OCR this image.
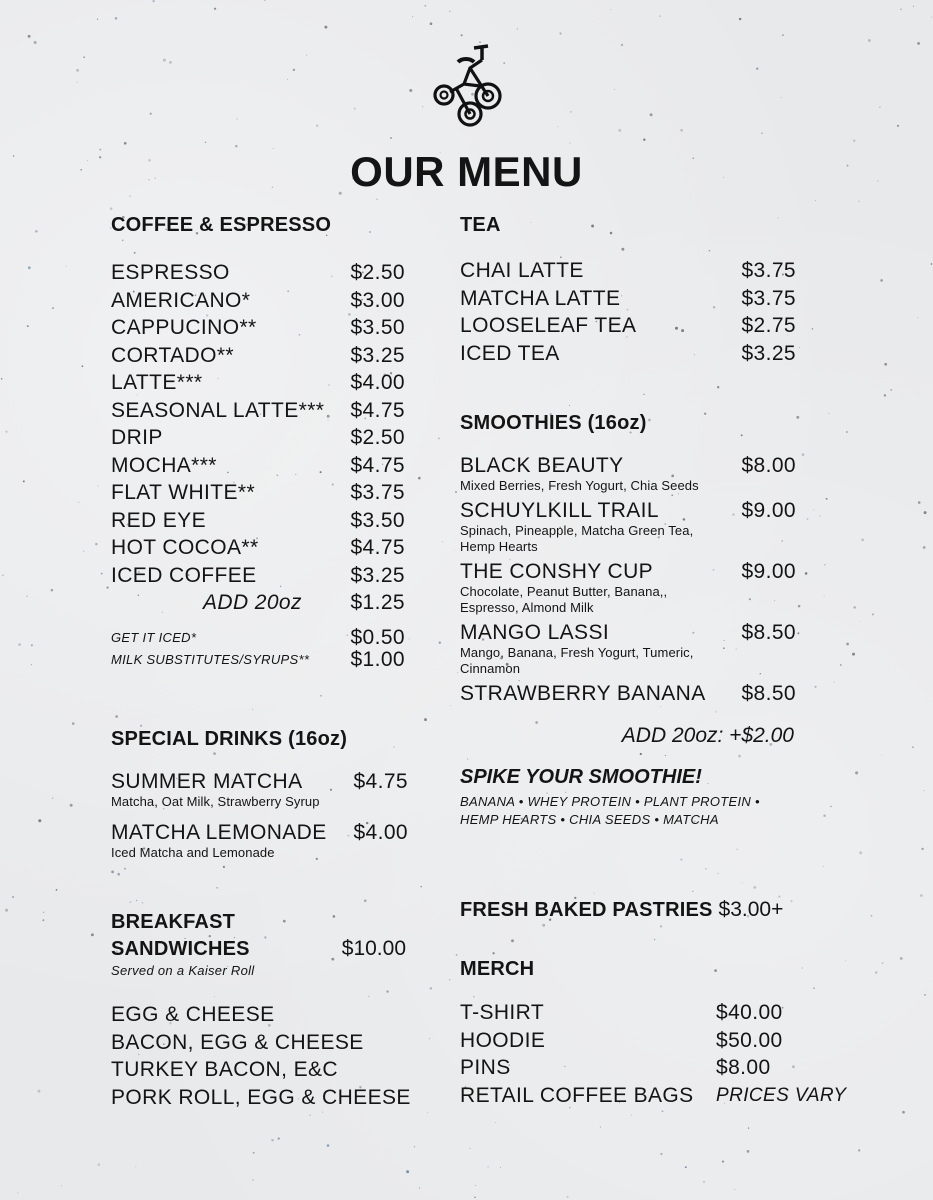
OUR MENU
COFFEE & ESPRESSO
ESPRESSO	$2.50
AMERICANO*	$3.00
CAPPUCINO**	$3.50
CORTADO**	$3.25
LATTE***	$4.00
SEASONAL LATTE*** $4.75
DRIP	$2.50
MOCHA***	$4.75
FLAT WHITE**	$3.75
RED EYE	$3.50
HOT COCOA**	$4.75
ICED COFFEE	$3.25
ADD 20oz $1.25
GET IT ICED*	$0.50
MILK SUBSTITUTES/SYRUPS** $1.00
SPECIAL DRINKS (16oz)
SUMMER MATCHA $4.75
Matcha, Oat Milk, Strawberry Syrup
MATCHA LEMONADE $4.00
Iced Matcha and Lemonade
BREAKFAST
SANDWICHES	$10.00
Served on a Kaiser Roll
EGG & CHEESE
BACON, EGG & CHEESE
TURKEY BACON, E&C
PORK ROLL, EGG & CHEESE
TEA
CHAI LATTE	$3.75
MATCHA LATTE	$3.75
LOOSELEAF TEA	$2.75
ICED TEA	$3.25
SMOOTHIES (16oz)
BLACK BEAUTY	$8.00
Mixed Berries, Fresh Yogurt, Chia Seeds
SCHUYLKILL TRAIL	$9.00
Spinach, Pineapple, Matcha Green Tea,
Hemp Hearts
THE CONSHY CUP	$9.00
Chocolate, Peanut Butter, Banana,,
Espresso, Almond Milk
MANGO LASSI	$8.50
Mango, Banana, Fresh Yogurt, Tumeric,
Cinnamon
STRAWBERRY BANANA $8.50
ADD 20oz: +$2.00
SPIKE YOUR SMOOTHIE!
BANANA • WHEY PROTEIN • PLANT PROTEIN •
HEMP HEARTS • CHIA SEEDS • MATCHA
FRESH BAKED PASTRIES $3.00+
MERCH
T-SHIRT	$40.00
HOODIE	$50.00
PINS	$8.00
RETAIL COFFEE BAGS	PRICES VARY
